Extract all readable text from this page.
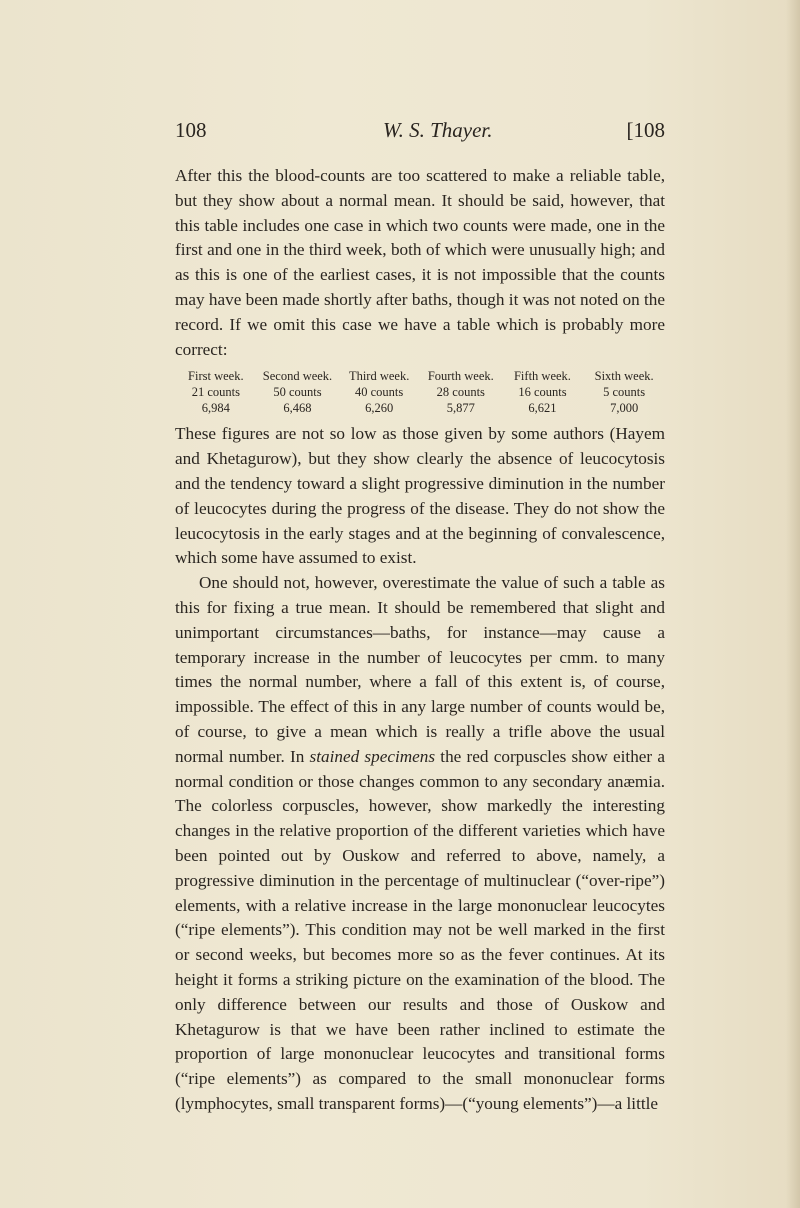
108	W. S. Thayer.	[108

After this the blood-counts are too scattered to make a reliable table, but they show about a normal mean. It should be said, however, that this table includes one case in which two counts were made, one in the first and one in the third week, both of which were unusually high; and as this is one of the earliest cases, it is not impossible that the counts may have been made shortly after baths, though it was not noted on the record. If we omit this case we have a table which is probably more correct:

First week.	Second week.	Third week.	Fourth week.	Fifth week.	Sixth week.
21 counts	50 counts	40 counts	28 counts	16 counts	5 counts
6,984	6,468	6,260	5,877	6,621	7,000

These figures are not so low as those given by some authors (Hayem and Khetagurow), but they show clearly the absence of leucocytosis and the tendency toward a slight progressive diminution in the number of leucocytes during the progress of the disease. They do not show the leucocytosis in the early stages and at the beginning of convalescence, which some have assumed to exist.

One should not, however, overestimate the value of such a table as this for fixing a true mean. It should be remembered that slight and unimportant circumstances—baths, for instance—may cause a temporary increase in the number of leucocytes per cmm. to many times the normal number, where a fall of this extent is, of course, impossible. The effect of this in any large number of counts would be, of course, to give a mean which is really a trifle above the usual normal number. In stained specimens the red corpuscles show either a normal condition or those changes common to any secondary anæmia. The colorless corpuscles, however, show markedly the interesting changes in the relative proportion of the different varieties which have been pointed out by Ouskow and referred to above, namely, a progressive diminution in the percentage of multinuclear (“over-ripe”) elements, with a relative increase in the large mononuclear leucocytes (“ripe elements”). This condition may not be well marked in the first or second weeks, but becomes more so as the fever continues. At its height it forms a striking picture on the examination of the blood. The only difference between our results and those of Ouskow and Khetagurow is that we have been rather inclined to estimate the proportion of large mononuclear leucocytes and transitional forms (“ripe elements”) as compared to the small mononuclear forms (lymphocytes, small transparent forms)—(“young elements”)—a little
